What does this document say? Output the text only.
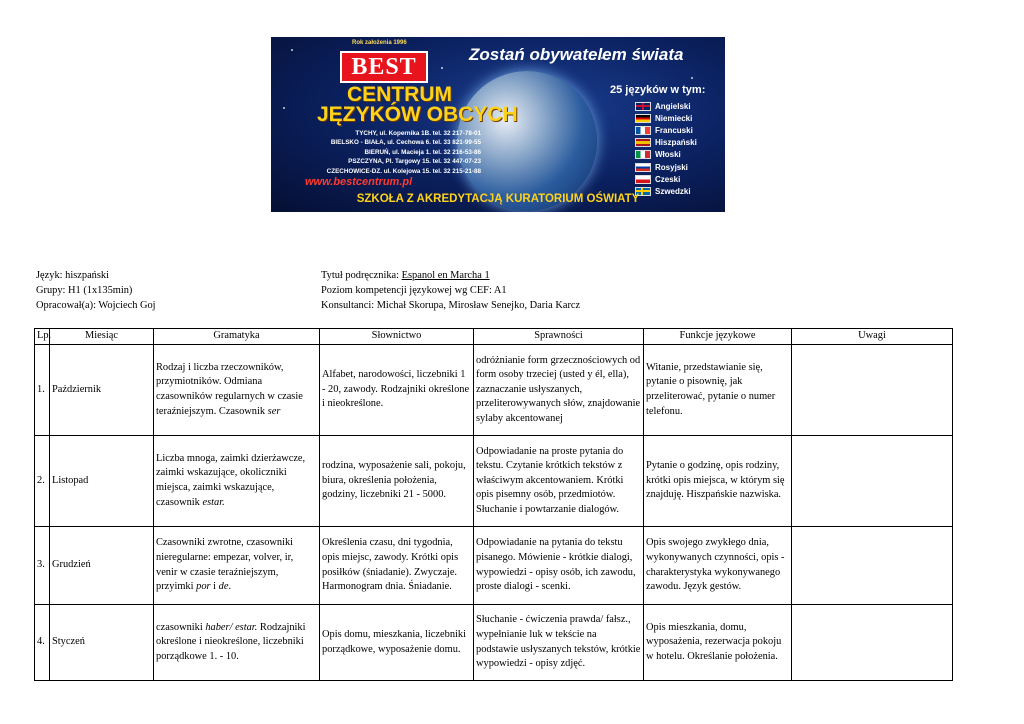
Rok założenia 1996
BEST	Zostań obywatelem świata
CENTRUM
JĘZYKÓW OBCYCH
TYCHY, ul. Kopernika 1B. tel. 32 217-78-01
BIELSKO - BIAŁA, ul. Cechowa 6. tel. 33 821-99-55
BIERUŃ, ul. Macieja 1. tel. 32 216-53-86
PSZCZYNA, Pl. Targowy 15. tel. 32 447-07-23
CZECHOWICE-DZ. ul. Kolejowa 15. tel. 32 215-21-88
www.bestcentrum.pl
25 języków w tym:
Angielski
Niemiecki
Francuski
Hiszpański
Włoski
Rosyjski
Czeski
Szwedzki
SZKOŁA Z AKREDYTACJĄ KURATORIUM OŚWIATY
Język: hiszpański
Grupy: H1 (1x135min)
Opracował(a): Wojciech Goj
Tytuł podręcznika: Espanol en Marcha 1
Poziom kompetencji językowej wg CEF: A1
Konsultanci: Michał Skorupa, Mirosław Senejko, Daria Karcz
Lp.	Miesiąc	Gramatyka	Słownictwo	Sprawności	Funkcje językowe	Uwagi
1.	Październik	Rodzaj i liczba rzeczowników, przymiotników. Odmiana czasowników regularnych w czasie teraźniejszym. Czasownik ser	Alfabet, narodowości, liczebniki 1 - 20, zawody. Rodzajniki określone i nieokreślone.	odróżnianie form grzecznościowych od form osoby trzeciej (usted y él, ella), zaznaczanie usłyszanych, przeliterowywanych słów, znajdowanie sylaby akcentowanej	Witanie, przedstawianie się, pytanie o pisownię, jak przeliterować, pytanie o numer telefonu.	
2.	Listopad	Liczba mnoga, zaimki dzierżawcze, zaimki wskazujące, okoliczniki miejsca, zaimki wskazujące, czasownik estar.	rodzina, wyposażenie sali, pokoju, biura, określenia położenia, godziny, liczebniki 21 - 5000.	Odpowiadanie na proste pytania do tekstu. Czytanie krótkich tekstów z właściwym akcentowaniem. Krótki opis pisemny osób, przedmiotów. Słuchanie i powtarzanie dialogów.	Pytanie o godzinę, opis rodziny, krótki opis miejsca, w którym się znajduję. Hiszpańskie nazwiska.	
3.	Grudzień	Czasowniki zwrotne, czasowniki nieregularne: empezar, volver, ir, venir w czasie teraźniejszym, przyimki por i de.	Określenia czasu, dni tygodnia, opis miejsc, zawody. Krótki opis posiłków (śniadanie). Zwyczaje. Harmonogram dnia. Śniadanie.	Odpowiadanie na pytania do tekstu pisanego. Mówienie - krótkie dialogi, wypowiedzi - opisy osób, ich zawodu, proste dialogi - scenki.	Opis swojego zwykłego dnia, wykonywanych czynności, opis - charakterystyka wykonywanego zawodu. Język gestów.	
4.	Styczeń	czasowniki haber/ estar. Rodzajniki określone i nieokreślone, liczebniki porządkowe 1. - 10.	Opis domu, mieszkania, liczebniki porządkowe, wyposażenie domu.	Słuchanie - ćwiczenia prawda/ fałsz., wypełnianie luk w tekście na podstawie usłyszanych tekstów, krótkie wypowiedzi - opisy zdjęć.	Opis mieszkania, domu, wyposażenia, rezerwacja pokoju w hotelu. Określanie położenia.	
